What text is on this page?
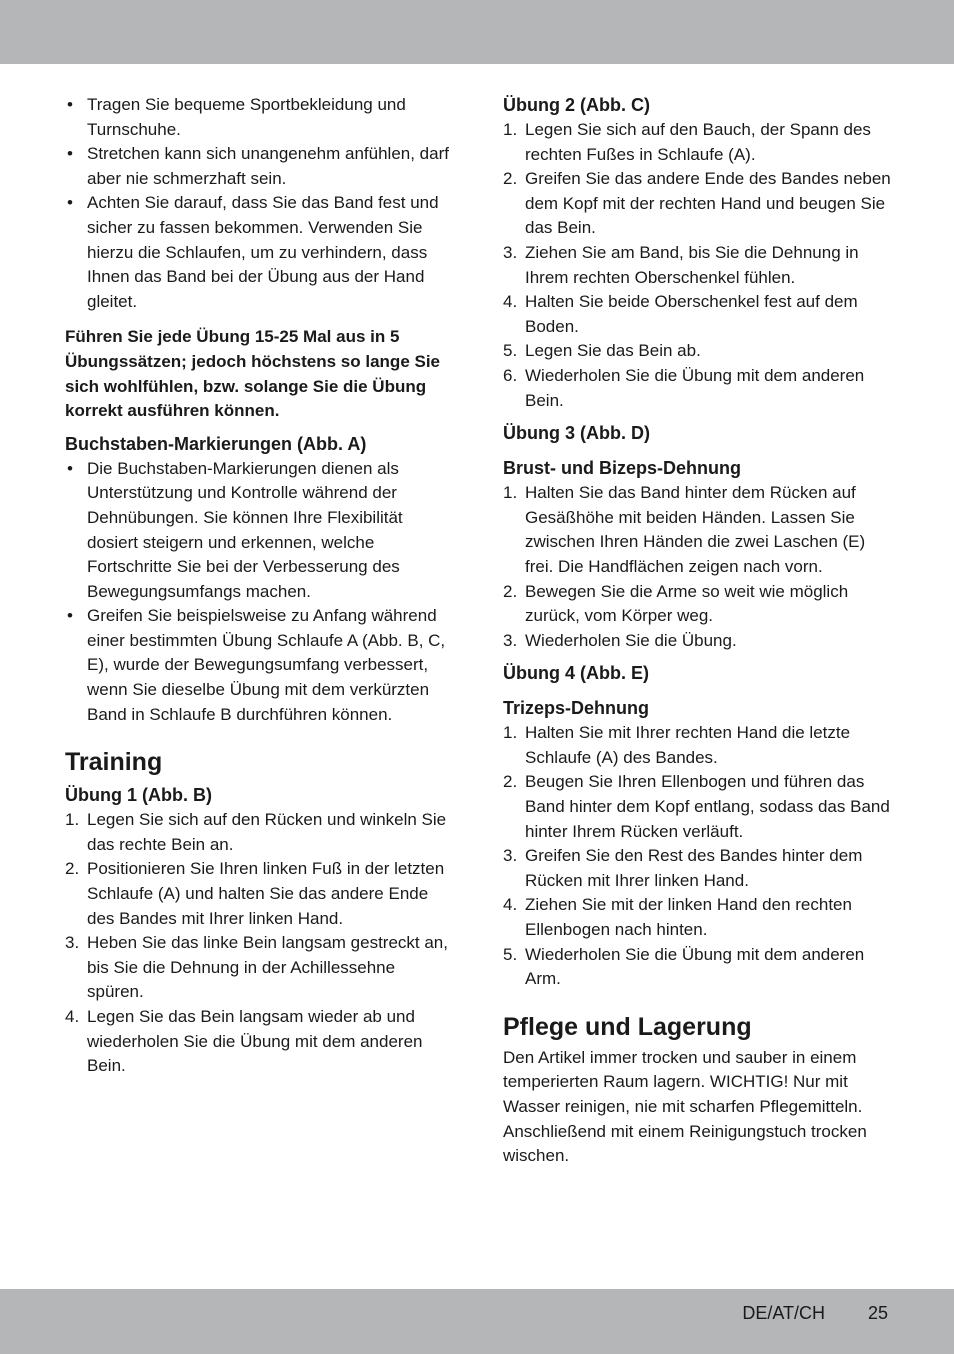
• Tragen Sie bequeme Sportbekleidung und Turnschuhe.
• Stretchen kann sich unangenehm anfühlen, darf aber nie schmerzhaft sein.
• Achten Sie darauf, dass Sie das Band fest und sicher zu fassen bekommen. Verwenden Sie hierzu die Schlaufen, um zu verhindern, dass Ihnen das Band bei der Übung aus der Hand gleitet.

Führen Sie jede Übung 15-25 Mal aus in 5 Übungssätzen; jedoch höchstens so lange Sie sich wohlfühlen, bzw. solange Sie die Übung korrekt ausführen können.

Buchstaben-Markierungen (Abb. A)
• Die Buchstaben-Markierungen dienen als Unterstützung und Kontrolle während der Dehnübungen. Sie können Ihre Flexibilität dosiert steigern und erkennen, welche Fortschritte Sie bei der Verbesserung des Bewegungsumfangs machen.
• Greifen Sie beispielsweise zu Anfang während einer bestimmten Übung Schlaufe A (Abb. B, C, E), wurde der Bewegungsumfang verbessert, wenn Sie dieselbe Übung mit dem verkürzten Band in Schlaufe B durchführen können.
Training
Übung 1 (Abb. B)
1. Legen Sie sich auf den Rücken und winkeln Sie das rechte Bein an.
2. Positionieren Sie Ihren linken Fuß in der letzten Schlaufe (A) und halten Sie das andere Ende des Bandes mit Ihrer linken Hand.
3. Heben Sie das linke Bein langsam gestreckt an, bis Sie die Dehnung in der Achillessehne spüren.
4. Legen Sie das Bein langsam wieder ab und wiederholen Sie die Übung mit dem anderen Bein.
Übung 2 (Abb. C)
1. Legen Sie sich auf den Bauch, der Spann des rechten Fußes in Schlaufe (A).
2. Greifen Sie das andere Ende des Bandes neben dem Kopf mit der rechten Hand und beugen Sie das Bein.
3. Ziehen Sie am Band, bis Sie die Dehnung in Ihrem rechten Oberschenkel fühlen.
4. Halten Sie beide Oberschenkel fest auf dem Boden.
5. Legen Sie das Bein ab.
6. Wiederholen Sie die Übung mit dem anderen Bein.
Übung 3 (Abb. D)
Brust- und Bizeps-Dehnung
1. Halten Sie das Band hinter dem Rücken auf Gesäßhöhe mit beiden Händen. Lassen Sie zwischen Ihren Händen die zwei Laschen (E) frei. Die Handflächen zeigen nach vorn.
2. Bewegen Sie die Arme so weit wie möglich zurück, vom Körper weg.
3. Wiederholen Sie die Übung.
Übung 4 (Abb. E)
Trizeps-Dehnung
1. Halten Sie mit Ihrer rechten Hand die letzte Schlaufe (A) des Bandes.
2. Beugen Sie Ihren Ellenbogen und führen das Band hinter dem Kopf entlang, sodass das Band hinter Ihrem Rücken verläuft.
3. Greifen Sie den Rest des Bandes hinter dem Rücken mit Ihrer linken Hand.
4. Ziehen Sie mit der linken Hand den rechten Ellenbogen nach hinten.
5. Wiederholen Sie die Übung mit dem anderen Arm.
Pflege und Lagerung

Den Artikel immer trocken und sauber in einem temperierten Raum lagern. WICHTIG! Nur mit Wasser reinigen, nie mit scharfen Pflegemitteln. Anschließend mit einem Reinigungstuch trocken wischen.

DE/AT/CH 25
